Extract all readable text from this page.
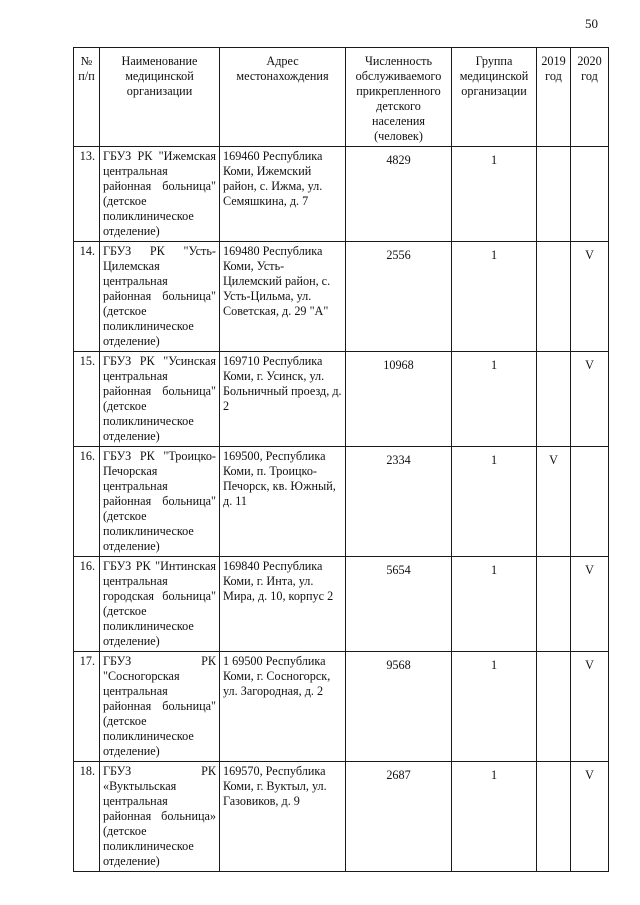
50
№ п/п	Наименование медицинской организации	Адрес местонахождения	Численность обслуживаемого прикрепленного детского населения (человек)	Группа медицинской организации	2019 год	2020 год
13.	ГБУЗ РК "Ижемская центральная районная больница" (детское поликлиническое отделение)	169460 Республика Коми, Ижемский район, с. Ижма, ул. Семяшкина, д. 7	4829	1		
14.	ГБУЗ РК "Усть-Цилемская центральная районная больница" (детское поликлиническое отделение)	169480 Республика Коми, Усть-Цилемский район, с. Усть-Цильма, ул. Советская, д. 29 "А"	2556	1		V
15.	ГБУЗ РК "Усинская центральная районная больница" (детское поликлиническое отделение)	169710 Республика Коми, г. Усинск, ул. Больничный проезд, д. 2	10968	1		V
16.	ГБУЗ РК "Троицко-Печорская центральная районная больница" (детское поликлиническое отделение)	169500, Республика Коми, п. Троицко-Печорск, кв. Южный, д. 11	2334	1	V	
16.	ГБУЗ РК "Интинская центральная городская больница" (детское поликлиническое отделение)	169840 Республика Коми, г. Инта, ул. Мира, д. 10, корпус 2	5654	1		V
17.	ГБУЗ РК "Сосногорская центральная районная больница" (детское поликлиническое отделение)	1 69500 Республика Коми, г. Сосногорск, ул. Загородная, д. 2	9568	1		V
18.	ГБУЗ РК «Вуктыльская центральная районная больница» (детское поликлиническое отделение)	169570, Республика Коми, г. Вуктыл, ул. Газовиков, д. 9	2687	1		V
